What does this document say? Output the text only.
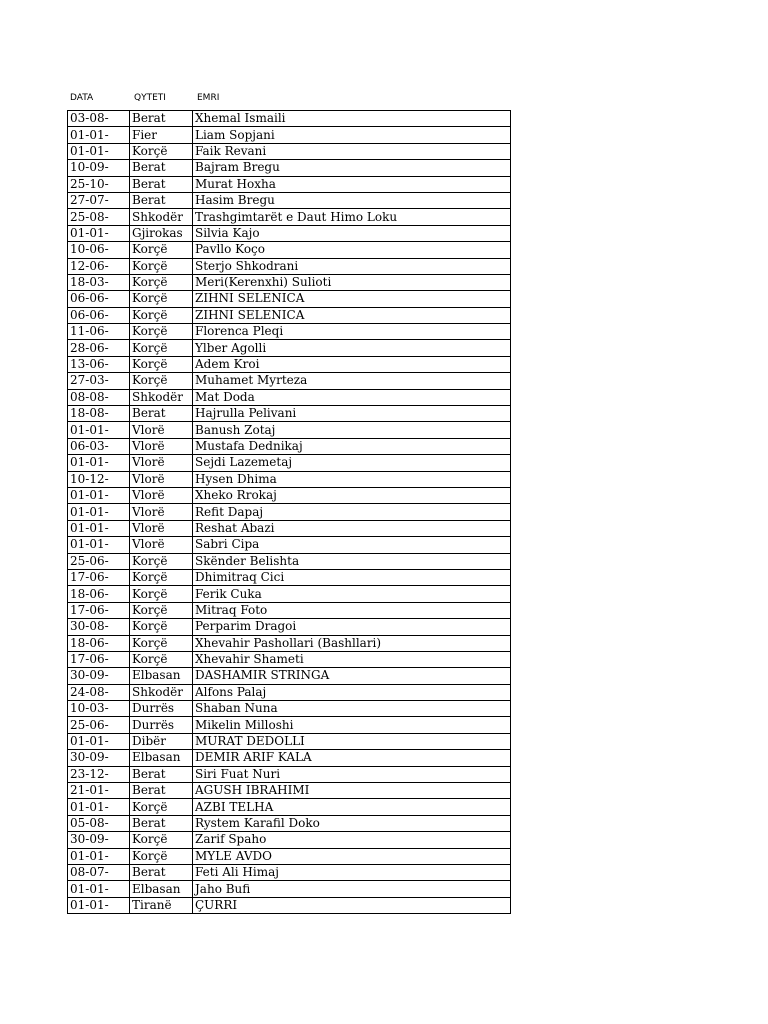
DATA	QYTETI	EMRI
03-08-	Berat	Xhemal Ismaili
01-01-	Fier	Liam Sopjani
01-01-	Korçë	Faik Revani
10-09-	Berat	Bajram Bregu
25-10-	Berat	Murat Hoxha
27-07-	Berat	Hasim Bregu
25-08-	Shkodër	Trashgimtarët e Daut Himo Loku
01-01-	Gjirokas	Silvia Kajo
10-06-	Korçë	Pavllo Koço
12-06-	Korçë	Sterjo Shkodrani
18-03-	Korçë	Meri(Kerenxhi) Sulioti
06-06-	Korçë	ZIHNI SELENICA
06-06-	Korçë	ZIHNI SELENICA
11-06-	Korçë	Florenca Pleqi
28-06-	Korçë	Ylber Agolli
13-06-	Korçë	Adem Kroi
27-03-	Korçë	Muhamet Myrteza
08-08-	Shkodër	Mat Doda
18-08-	Berat	Hajrulla Pelivani
01-01-	Vlorë	Banush Zotaj
06-03-	Vlorë	Mustafa Dednikaj
01-01-	Vlorë	Sejdi Lazemetaj
10-12-	Vlorë	Hysen Dhima
01-01-	Vlorë	Xheko Rrokaj
01-01-	Vlorë	Refit Dapaj
01-01-	Vlorë	Reshat Abazi
01-01-	Vlorë	Sabri Cipa
25-06-	Korçë	Skënder Belishta
17-06-	Korçë	Dhimitraq Cici
18-06-	Korçë	Ferik Cuka
17-06-	Korçë	Mitraq Foto
30-08-	Korçë	Perparim Dragoi
18-06-	Korçë	Xhevahir Pashollari (Bashllari)
17-06-	Korçë	Xhevahir Shameti
30-09-	Elbasan	DASHAMIR STRINGA
24-08-	Shkodër	Alfons Palaj
10-03-	Durrës	Shaban Nuna
25-06-	Durrës	Mikelin Milloshi
01-01-	Dibër	MURAT DEDOLLI
30-09-	Elbasan	DEMIR ARIF KALA
23-12-	Berat	Siri Fuat Nuri
21-01-	Berat	AGUSH IBRAHIMI
01-01-	Korçë	AZBI TELHA
05-08-	Berat	Rystem Karafil Doko
30-09-	Korçë	Zarif Spaho
01-01-	Korçë	MYLE AVDO
08-07-	Berat	Feti Ali Himaj
01-01-	Elbasan	Jaho Bufi
01-01-	Tiranë	ÇURRI
